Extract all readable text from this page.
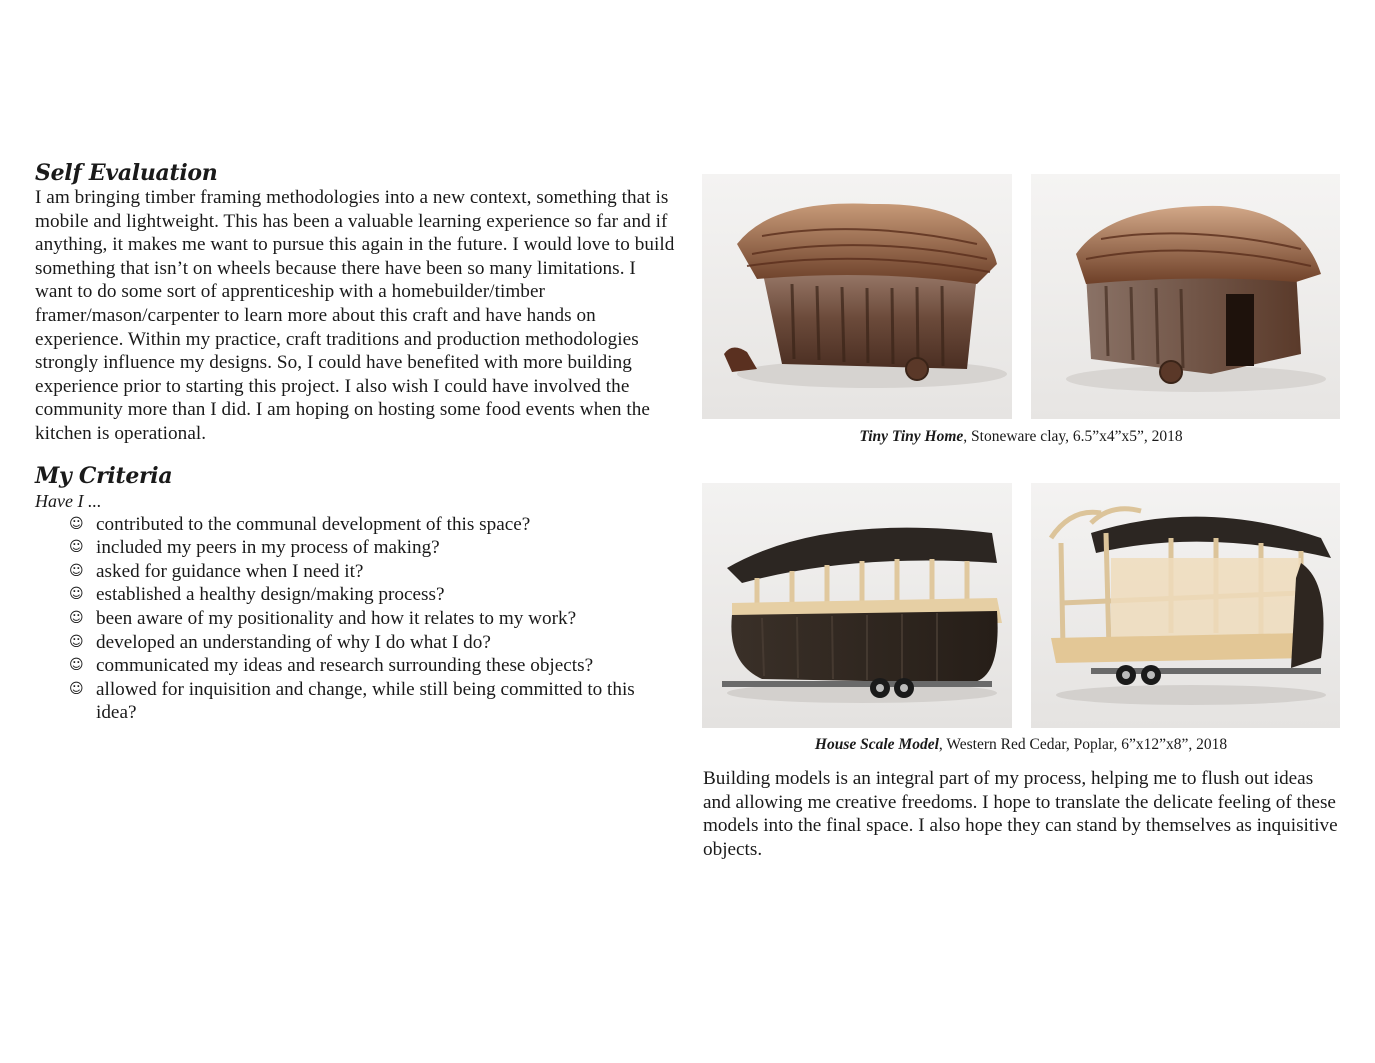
Self Evaluation

I am bringing timber framing methodologies into a new context, something that is mobile and lightweight. This has been a valuable learning experience so far and if anything, it makes me want to pursue this again in the future. I would love to build something that isn’t on wheels because there have been so many limitations. I want to do some sort of apprenticeship with a homebuilder/timber framer/mason/carpenter to learn more about this craft and have hands on experience. Within my practice, craft traditions and production methodologies strongly influence my designs. So, I could have benefited with more building experience prior to starting this project. I also wish I could have involved the community more than I did. I am hoping on hosting some food events when the kitchen is operational.

My Criteria

Have I ...

☺ contributed to the communal development of this space?
☺ included my peers in my process of making?
☺ asked for guidance when I need it?
☺ established a healthy design/making process?
☺ been aware of my positionality and how it relates to my work?
☺ developed an understanding of why I do what I do?
☺ communicated my ideas and research surrounding these objects?
☺ allowed for inquisition and change, while still being committed to this idea?
Tiny Tiny Home, Stoneware clay, 6.5”x4”x5”, 2018
House Scale Model, Western Red Cedar, Poplar, 6”x12”x8”, 2018

Building models is an integral part of my process, helping me to flush out ideas and allowing me creative freedoms. I hope to translate the delicate feeling of these models into the final space. I also hope they can stand by themselves as inquisitive objects.
